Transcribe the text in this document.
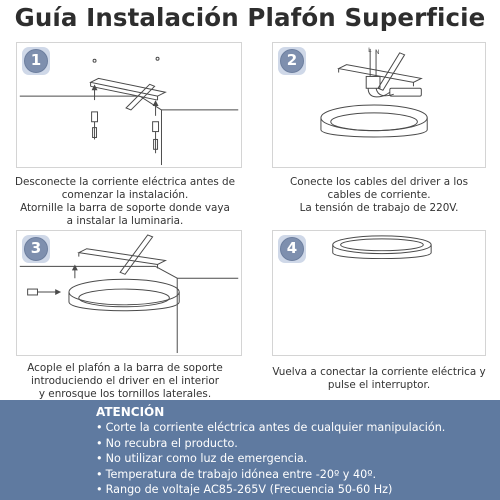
Guía Instalación Plafón Superficie
1
Desconecte la corriente eléctrica antes de
comenzar la instalación.
Atornille la barra de soporte donde vaya
a instalar la luminaria.
L N
2
Conecte los cables del driver a los
cables de corriente.
La tensión de trabajo de 220V.
3
Acople el plafón a la barra de soporte
introduciendo el driver en el interior
y enrosque los tornillos laterales.
4
Vuelva a conectar la corriente eléctrica y
pulse el interruptor.
ATENCIÓN
• Corte la corriente eléctrica antes de cualquier manipulación.
• No recubra el producto.
• No utilizar como luz de emergencia.
• Temperatura de trabajo idónea entre -20º y 40º.
• Rango de voltaje AC85-265V (Frecuencia 50-60 Hz)
